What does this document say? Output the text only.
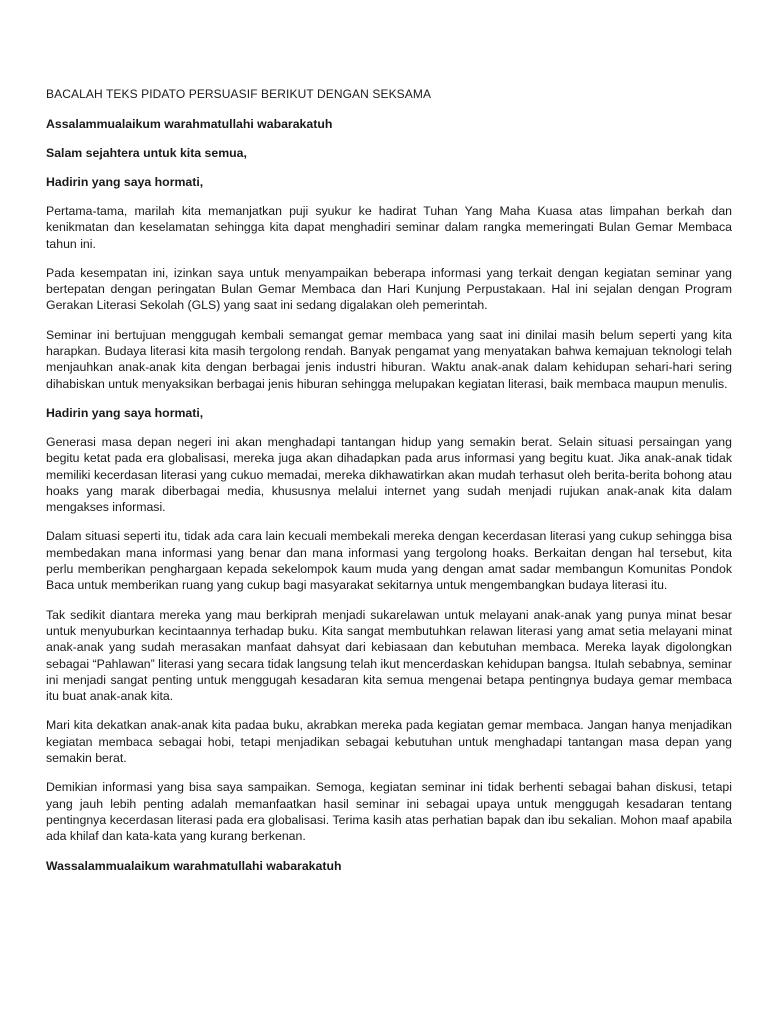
BACALAH TEKS PIDATO PERSUASIF BERIKUT DENGAN SEKSAMA
Assalammualaikum warahmatullahi wabarakatuh
Salam sejahtera untuk kita semua,
Hadirin yang saya hormati,

Pertama-tama, marilah kita memanjatkan puji syukur ke hadirat Tuhan Yang Maha Kuasa atas limpahan berkah dan kenikmatan dan keselamatan sehingga kita dapat menghadiri seminar dalam rangka memeringati Bulan Gemar Membaca tahun ini.

Pada kesempatan ini, izinkan saya untuk menyampaikan beberapa informasi yang terkait dengan kegiatan seminar yang bertepatan dengan peringatan Bulan Gemar Membaca dan Hari Kunjung Perpustakaan. Hal ini sejalan dengan Program Gerakan Literasi Sekolah (GLS) yang saat ini sedang digalakan oleh pemerintah.

Seminar ini bertujuan menggugah kembali semangat gemar membaca yang saat ini dinilai masih belum seperti yang kita harapkan. Budaya literasi kita masih tergolong rendah. Banyak pengamat yang menyatakan bahwa kemajuan teknologi telah menjauhkan anak-anak kita dengan berbagai jenis industri hiburan. Waktu anak-anak dalam kehidupan sehari-hari sering dihabiskan untuk menyaksikan berbagai jenis hiburan sehingga melupakan kegiatan literasi, baik membaca maupun menulis.

Hadirin yang saya hormati,

Generasi masa depan negeri ini akan menghadapi tantangan hidup yang semakin berat. Selain situasi persaingan yang begitu ketat pada era globalisasi, mereka juga akan dihadapkan pada arus informasi yang begitu kuat. Jika anak-anak tidak memiliki kecerdasan literasi yang cukuo memadai, mereka dikhawatirkan akan mudah terhasut oleh berita-berita bohong atau hoaks yang marak diberbagai media, khususnya melalui internet yang sudah menjadi rujukan anak-anak kita dalam mengakses informasi.

Dalam situasi seperti itu, tidak ada cara lain kecuali membekali mereka dengan kecerdasan literasi yang cukup sehingga bisa membedakan mana informasi yang benar dan mana informasi yang tergolong hoaks. Berkaitan dengan hal tersebut, kita perlu memberikan penghargaan kepada sekelompok kaum muda yang dengan amat sadar membangun Komunitas Pondok Baca untuk memberikan ruang yang cukup bagi masyarakat sekitarnya untuk mengembangkan budaya literasi itu.

Tak sedikit diantara mereka yang mau berkiprah menjadi sukarelawan untuk melayani anak-anak yang punya minat besar untuk menyuburkan kecintaannya terhadap buku. Kita sangat membutuhkan relawan literasi yang amat setia melayani minat anak-anak yang sudah merasakan manfaat dahsyat dari kebiasaan dan kebutuhan membaca. Mereka layak digolongkan sebagai “Pahlawan” literasi yang secara tidak langsung telah ikut mencerdaskan kehidupan bangsa. Itulah sebabnya, seminar ini menjadi sangat penting untuk menggugah kesadaran kita semua mengenai betapa pentingnya budaya gemar membaca itu buat anak-anak kita.

Mari kita dekatkan anak-anak kita padaa buku, akrabkan mereka pada kegiatan gemar membaca. Jangan hanya menjadikan kegiatan membaca sebagai hobi, tetapi menjadikan sebagai kebutuhan untuk menghadapi tantangan masa depan yang semakin berat.

Demikian informasi yang bisa saya sampaikan. Semoga, kegiatan seminar ini tidak berhenti sebagai bahan diskusi, tetapi yang jauh lebih penting adalah memanfaatkan hasil seminar ini sebagai upaya untuk menggugah kesadaran tentang pentingnya kecerdasan literasi pada era globalisasi. Terima kasih atas perhatian bapak dan ibu sekalian. Mohon maaf apabila ada khilaf dan kata-kata yang kurang berkenan.

Wassalammualaikum warahmatullahi wabarakatuh
